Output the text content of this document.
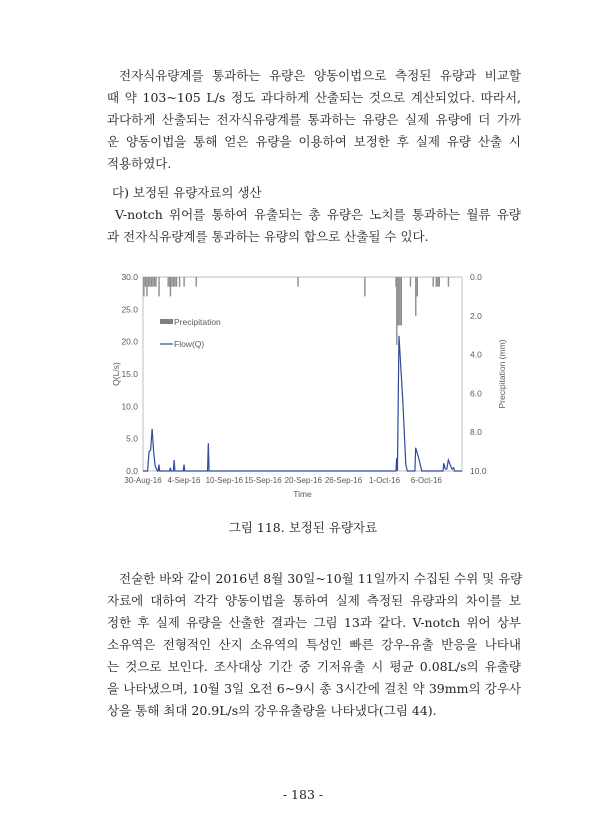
전자식유량계를 통과하는 유량은 양동이법으로 측정된 유량과 비교할
때 약 103~105 L/s 정도 과다하게 산출되는 것으로 계산되었다. 따라서,
과다하게 산출되는 전자식유량계를 통과하는 유량은 실제 유량에 더 가까
운 양동이법을 통해 얻은 유량을 이용하여 보정한 후 실제 유량 산출 시
적용하였다.
다) 보정된 유량자료의 생산
V-notch 위어를 통하여 유출되는 총 유량은 노치를 통과하는 월류 유량
과 전자식유량계를 통과하는 유량의 합으로 산출될 수 있다.
0.0
5.0
10.0
15.0
20.0
25.0
30.0	0.0
2.0
4.0
6.0
8.0
10.0
30-Aug-16 4-Sep-16 10-Sep-16 15-Sep-16 20-Sep-16 26-Sep-16 1-Oct-16 6-Oct-16
Time
Q(L/s)	Precipitation (mm)
Precipitation
Flow(Q)
그림 118. 보정된 유량자료
전술한 바와 같이 2016년 8월 30일~10월 11일까지 수집된 수위 및 유량
자료에 대하여 각각 양동이법을 통하여 실제 측정된 유량과의 차이를 보
정한 후 실제 유량을 산출한 결과는 그림 13과 같다. V-notch 위어 상부
소유역은 전형적인 산지 소유역의 특성인 빠른 강우-유출 반응을 나타내
는 것으로 보인다. 조사대상 기간 중 기저유출 시 평균 0.08L/s의 유출량
을 나타냈으며, 10월 3일 오전 6~9시 총 3시간에 걸친 약 39mm의 강우사
상을 통해 최대 20.9L/s의 강우유출량을 나타냈다(그림 44).
- 183 -
